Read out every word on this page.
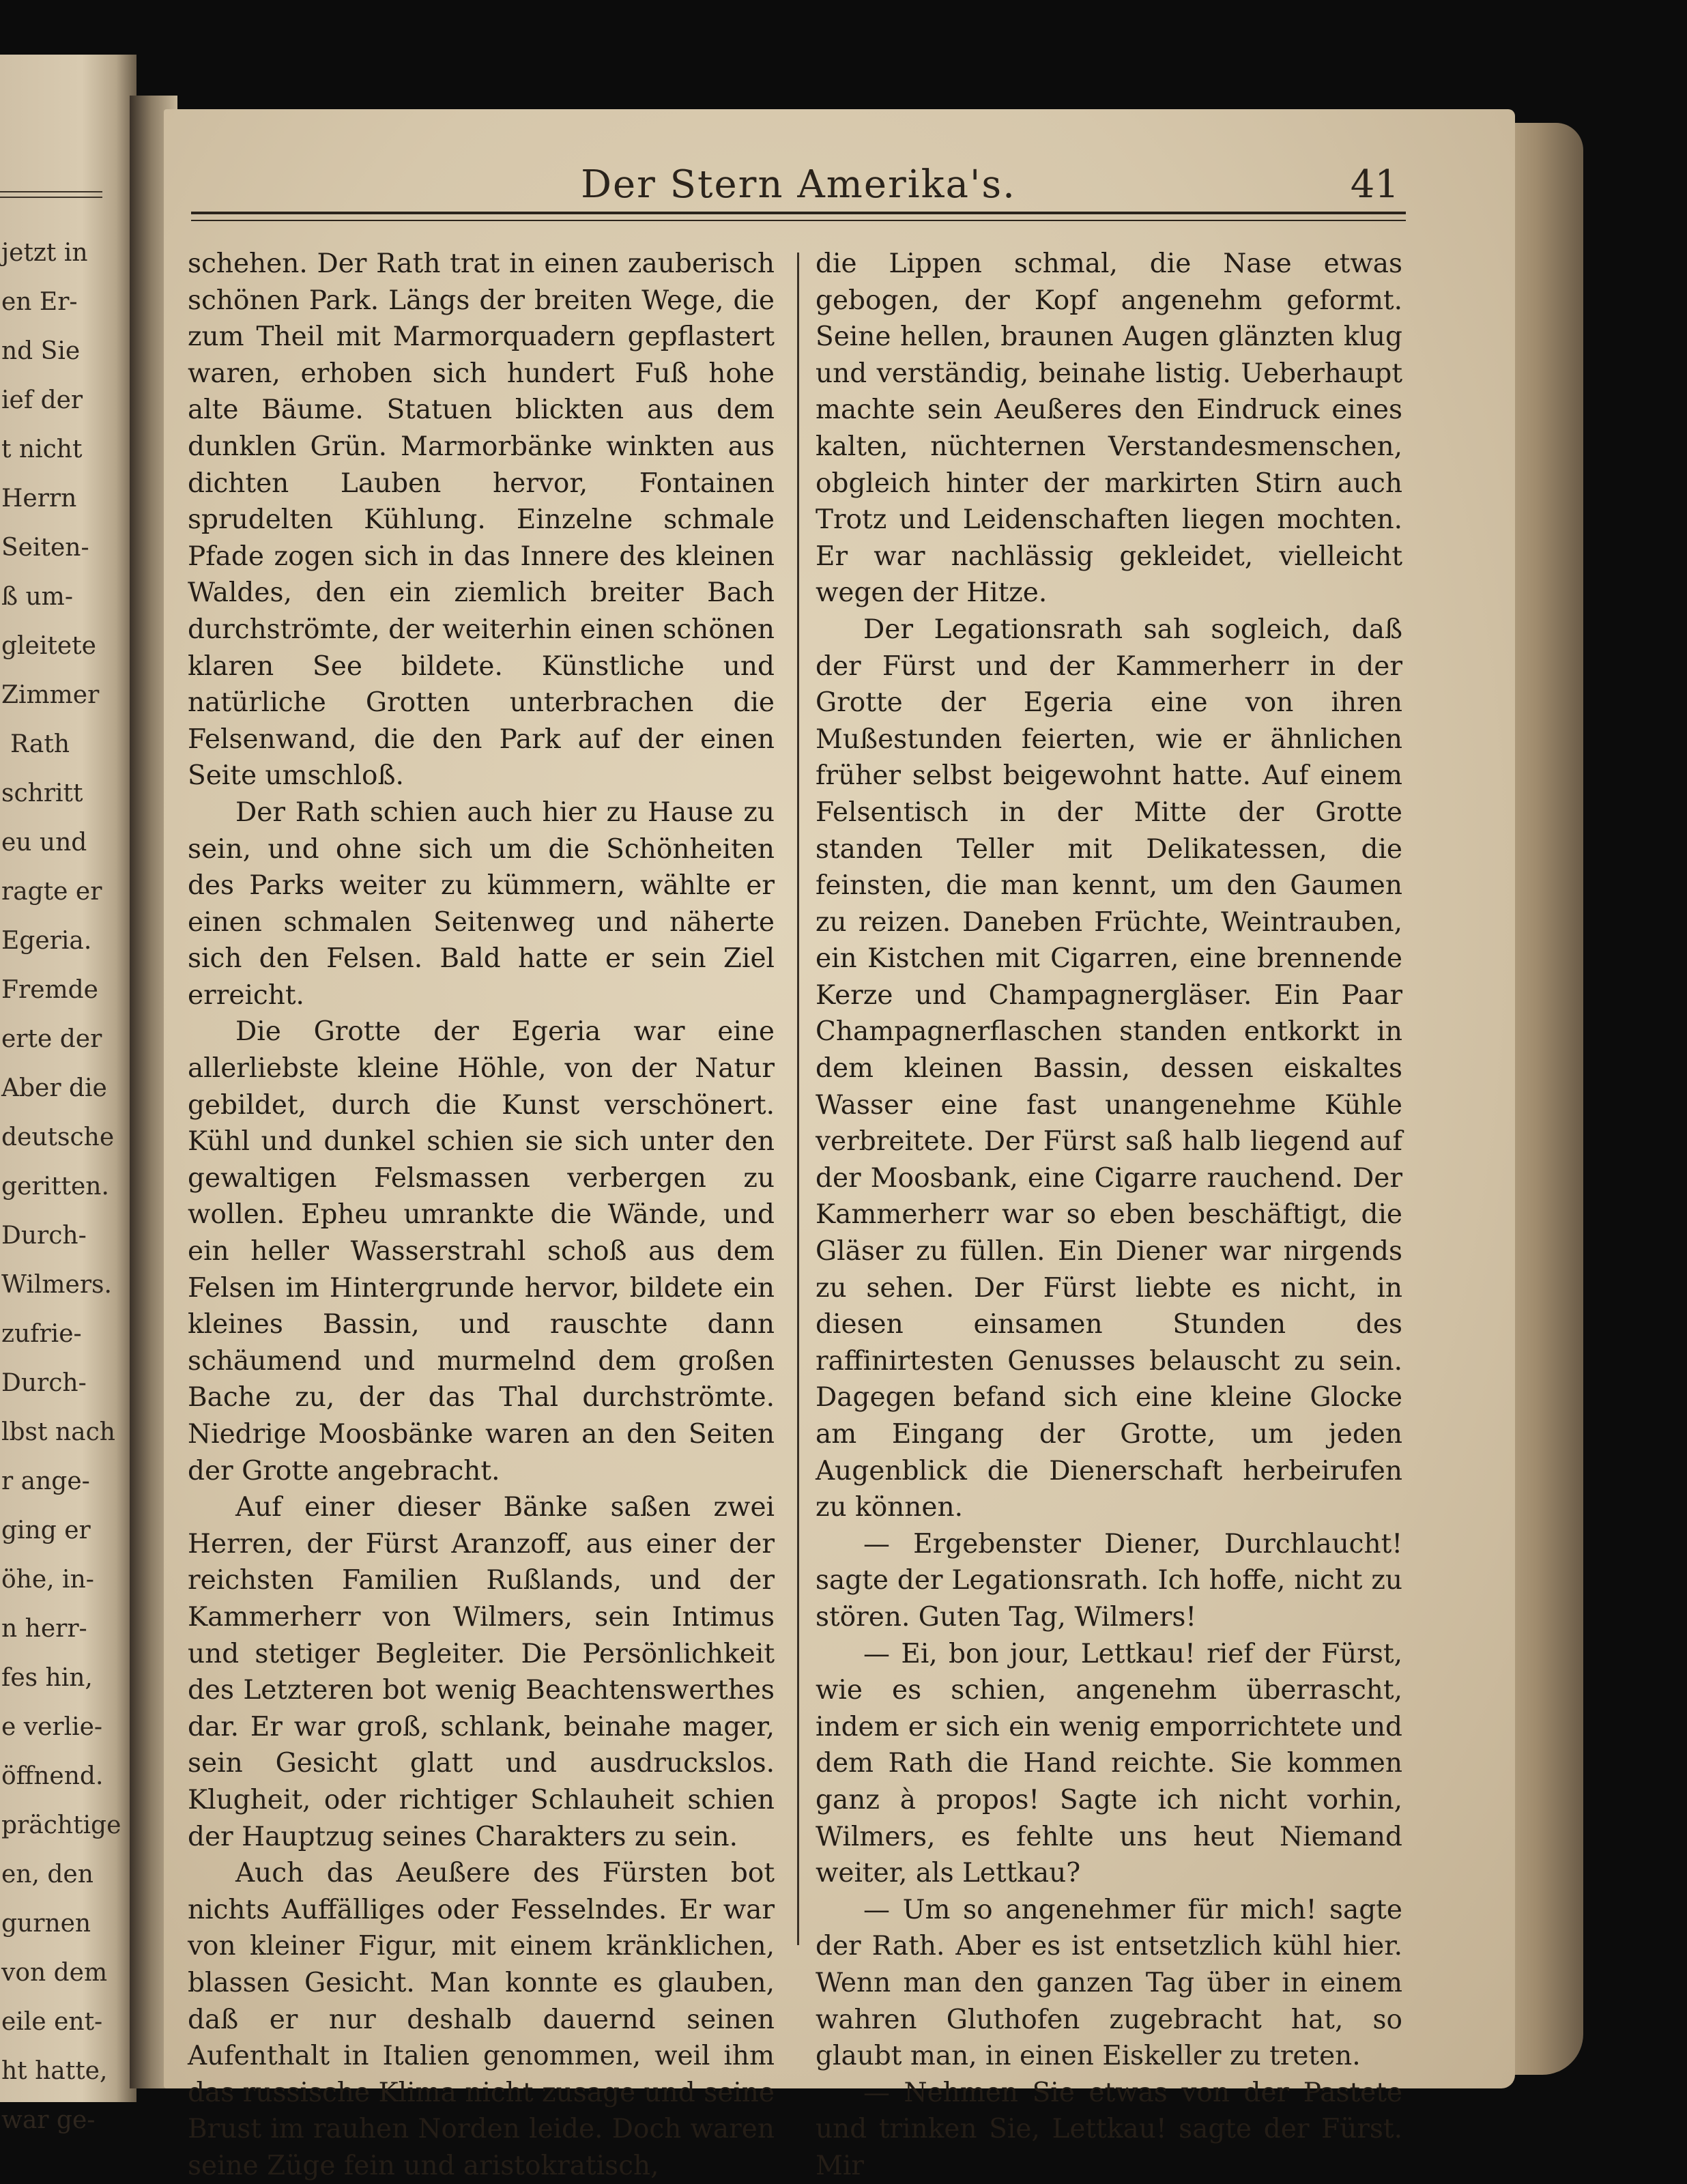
jetzt in
en Er-
nd Sie
ief der
t nicht
Herrn
Seiten-
ß um-
gleitete
Zimmer
Rath
schritt
eu und
ragte er
Egeria.
Fremde
erte der
Aber die
deutsche
geritten.
Durch-
Wilmers.
zufrie-
Durch-
lbst nach
r ange-
ging er
öhe, in-
n herr-
fes hin,
e verlie-
öffnend.
prächtige
en, den
gurnen
von dem
eile ent-
ht hatte,
war ge-
Der Stern Amerika's.	41

schehen. Der Rath trat in einen zauberisch schönen Park. Längs der breiten Wege, die zum Theil mit Marmorquadern gepflastert waren, erhoben sich hundert Fuß hohe alte Bäume. Statuen blickten aus dem dunklen Grün. Marmorbänke winkten aus dichten Lauben hervor, Fontainen sprudelten Kühlung. Einzelne schmale Pfade zogen sich in das Innere des kleinen Waldes, den ein ziemlich breiter Bach durchströmte, der weiterhin einen schönen klaren See bildete. Künstliche und natürliche Grotten unterbrachen die Felsenwand, die den Park auf der einen Seite umschloß.

Der Rath schien auch hier zu Hause zu sein, und ohne sich um die Schönheiten des Parks weiter zu kümmern, wählte er einen schmalen Seitenweg und näherte sich den Felsen. Bald hatte er sein Ziel erreicht.

Die Grotte der Egeria war eine allerliebste kleine Höhle, von der Natur gebildet, durch die Kunst verschönert. Kühl und dunkel schien sie sich unter den gewaltigen Felsmassen verbergen zu wollen. Epheu umrankte die Wände, und ein heller Wasserstrahl schoß aus dem Felsen im Hintergrunde hervor, bildete ein kleines Bassin, und rauschte dann schäumend und murmelnd dem großen Bache zu, der das Thal durchströmte. Niedrige Moosbänke waren an den Seiten der Grotte angebracht.

Auf einer dieser Bänke saßen zwei Herren, der Fürst Aranzoff, aus einer der reichsten Familien Rußlands, und der Kammerherr von Wilmers, sein Intimus und stetiger Begleiter. Die Persönlichkeit des Letzteren bot wenig Beachtenswerthes dar. Er war groß, schlank, beinahe mager, sein Gesicht glatt und ausdruckslos. Klugheit, oder richtiger Schlauheit schien der Hauptzug seines Charakters zu sein.

Auch das Aeußere des Fürsten bot nichts Auffälliges oder Fesselndes. Er war von kleiner Figur, mit einem kränklichen, blassen Gesicht. Man konnte es glauben, daß er nur deshalb dauernd seinen Aufenthalt in Italien genommen, weil ihm das russische Klima nicht zusage und seine Brust im rauhen Norden leide. Doch waren seine Züge fein und aristokratisch,

die Lippen schmal, die Nase etwas gebogen, der Kopf angenehm geformt. Seine hellen, braunen Augen glänzten klug und verständig, beinahe listig. Ueberhaupt machte sein Aeußeres den Eindruck eines kalten, nüchternen Verstandesmenschen, obgleich hinter der markirten Stirn auch Trotz und Leidenschaften liegen mochten. Er war nachlässig gekleidet, vielleicht wegen der Hitze.

Der Legationsrath sah sogleich, daß der Fürst und der Kammerherr in der Grotte der Egeria eine von ihren Mußestunden feierten, wie er ähnlichen früher selbst beigewohnt hatte. Auf einem Felsentisch in der Mitte der Grotte standen Teller mit Delikatessen, die feinsten, die man kennt, um den Gaumen zu reizen. Daneben Früchte, Weintrauben, ein Kistchen mit Cigarren, eine brennende Kerze und Champagnergläser. Ein Paar Champagnerflaschen standen entkorkt in dem kleinen Bassin, dessen eiskaltes Wasser eine fast unangenehme Kühle verbreitete. Der Fürst saß halb liegend auf der Moosbank, eine Cigarre rauchend. Der Kammerherr war so eben beschäftigt, die Gläser zu füllen. Ein Diener war nirgends zu sehen. Der Fürst liebte es nicht, in diesen einsamen Stunden des raffinirtesten Genusses belauscht zu sein. Dagegen befand sich eine kleine Glocke am Eingang der Grotte, um jeden Augenblick die Dienerschaft herbeirufen zu können.

— Ergebenster Diener, Durchlaucht! sagte der Legationsrath. Ich hoffe, nicht zu stören. Guten Tag, Wilmers!

— Ei, bon jour, Lettkau! rief der Fürst, wie es schien, angenehm überrascht, indem er sich ein wenig emporrichtete und dem Rath die Hand reichte. Sie kommen ganz à propos! Sagte ich nicht vorhin, Wilmers, es fehlte uns heut Niemand weiter, als Lettkau?

— Um so angenehmer für mich! sagte der Rath. Aber es ist entsetzlich kühl hier. Wenn man den ganzen Tag über in einem wahren Gluthofen zugebracht hat, so glaubt man, in einen Eiskeller zu treten.

— Nehmen Sie etwas von der Pastete und trinken Sie, Lettkau! sagte der Fürst. Mir
